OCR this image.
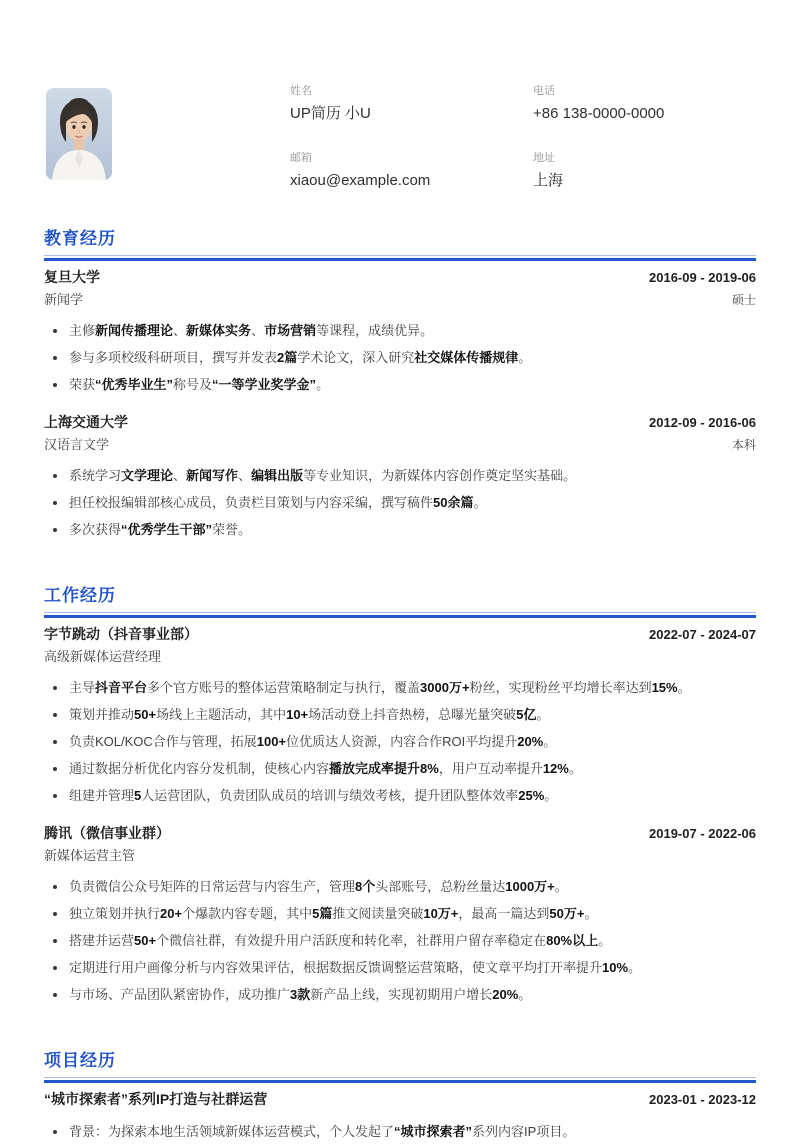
姓名
UP简历 小U
电话
+86 138-0000-0000
邮箱
xiaou@example.com
地址
上海
教育经历
复旦大学	2016-09 - 2019-06
新闻学	硕士
主修新闻传播理论、新媒体实务、市场营销等课程，成绩优异。
参与多项校级科研项目，撰写并发表2篇学术论文，深入研究社交媒体传播规律。
荣获“优秀毕业生”称号及“一等学业奖学金”。
上海交通大学	2012-09 - 2016-06
汉语言文学	本科
系统学习文学理论、新闻写作、编辑出版等专业知识，为新媒体内容创作奠定坚实基础。
担任校报编辑部核心成员，负责栏目策划与内容采编，撰写稿件50余篇。
多次获得“优秀学生干部”荣誉。
工作经历
字节跳动（抖音事业部）	2022-07 - 2024-07
高级新媒体运营经理
主导抖音平台多个官方账号的整体运营策略制定与执行，覆盖3000万+粉丝，实现粉丝平均增长率达到15%。
策划并推动50+场线上主题活动，其中10+场活动登上抖音热榜，总曝光量突破5亿。
负责KOL/KOC合作与管理，拓展100+位优质达人资源，内容合作ROI平均提升20%。
通过数据分析优化内容分发机制，使核心内容播放完成率提升8%，用户互动率提升12%。
组建并管理5人运营团队，负责团队成员的培训与绩效考核，提升团队整体效率25%。
腾讯（微信事业群）	2019-07 - 2022-06
新媒体运营主管
负责微信公众号矩阵的日常运营与内容生产，管理8个头部账号，总粉丝量达1000万+。
独立策划并执行20+个爆款内容专题，其中5篇推文阅读量突破10万+，最高一篇达到50万+。
搭建并运营50+个微信社群，有效提升用户活跃度和转化率，社群用户留存率稳定在80%以上。
定期进行用户画像分析与内容效果评估，根据数据反馈调整运营策略，使文章平均打开率提升10%。
与市场、产品团队紧密协作，成功推广3款新产品上线，实现初期用户增长20%。
项目经历
“城市探索者”系列IP打造与社群运营	2023-01 - 2023-12
背景：为探索本地生活领域新媒体运营模式，个人发起了“城市探索者”系列内容IP项目。
